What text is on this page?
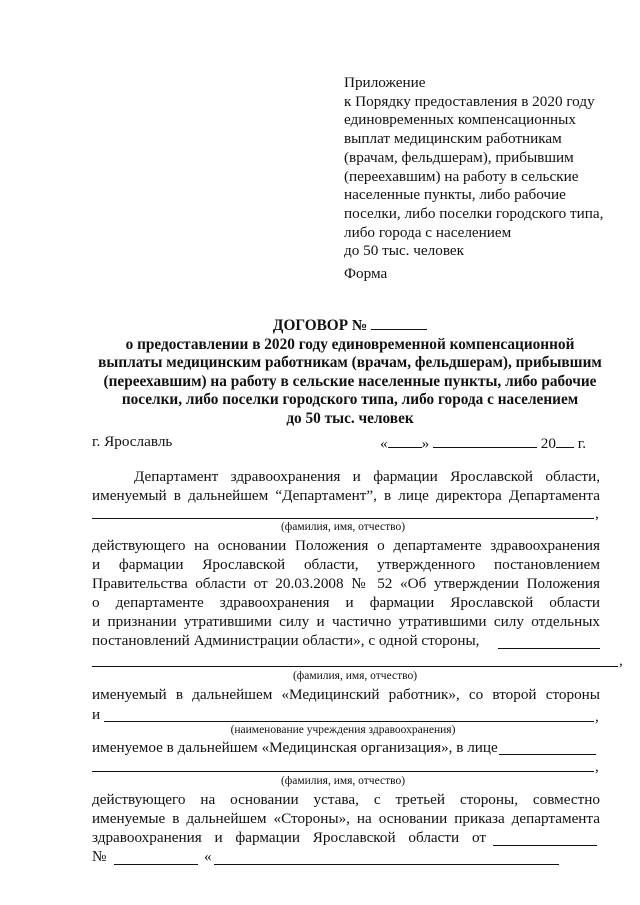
Приложение
к Порядку предоставления в 2020 году
единовременных компенсационных
выплат медицинским работникам
(врачам, фельдшерам), прибывшим
(переехавшим) на работу в сельские
населенные пункты, либо рабочие
поселки, либо поселки городского типа,
либо города с населением
до 50 тыс. человек
Форма
ДОГОВОР №
о предоставлении в 2020 году единовременной компенсационной
выплаты медицинским работникам (врачам, фельдшерам), прибывшим
(переехавшим) на работу в сельские населенные пункты, либо рабочие
поселки, либо поселки городского типа, либо города с населением
до 50 тыс. человек
г. Ярославль	« »	20 г.
Департамент здравоохранения и фармации Ярославской области,
именуемый в дальнейшем “Департамент”, в лице директора Департамента
,
(фамилия, имя, отчество)
действующего на основании Положения о департаменте здравоохранения
и фармации Ярославской области, утвержденного постановлением
Правительства области от 20.03.2008 № 52 «Об утверждении Положения
о департаменте здравоохранения и фармации Ярославской области
и признании утратившими силу и частично утратившими силу отдельных
постановлений Администрации области», с одной стороны,
,
(фамилия, имя, отчество)
именуемый в дальнейшем «Медицинский работник», со второй стороны
и	,
(наименование учреждения здравоохранения)
именуемое в дальнейшем «Медицинская организация», в лице
,
(фамилия, имя, отчество)
действующего на основании устава, с третьей стороны, совместно
именуемые в дальнейшем «Стороны», на основании приказа департамента
здравоохранения и фармации Ярославской области от
№	«
